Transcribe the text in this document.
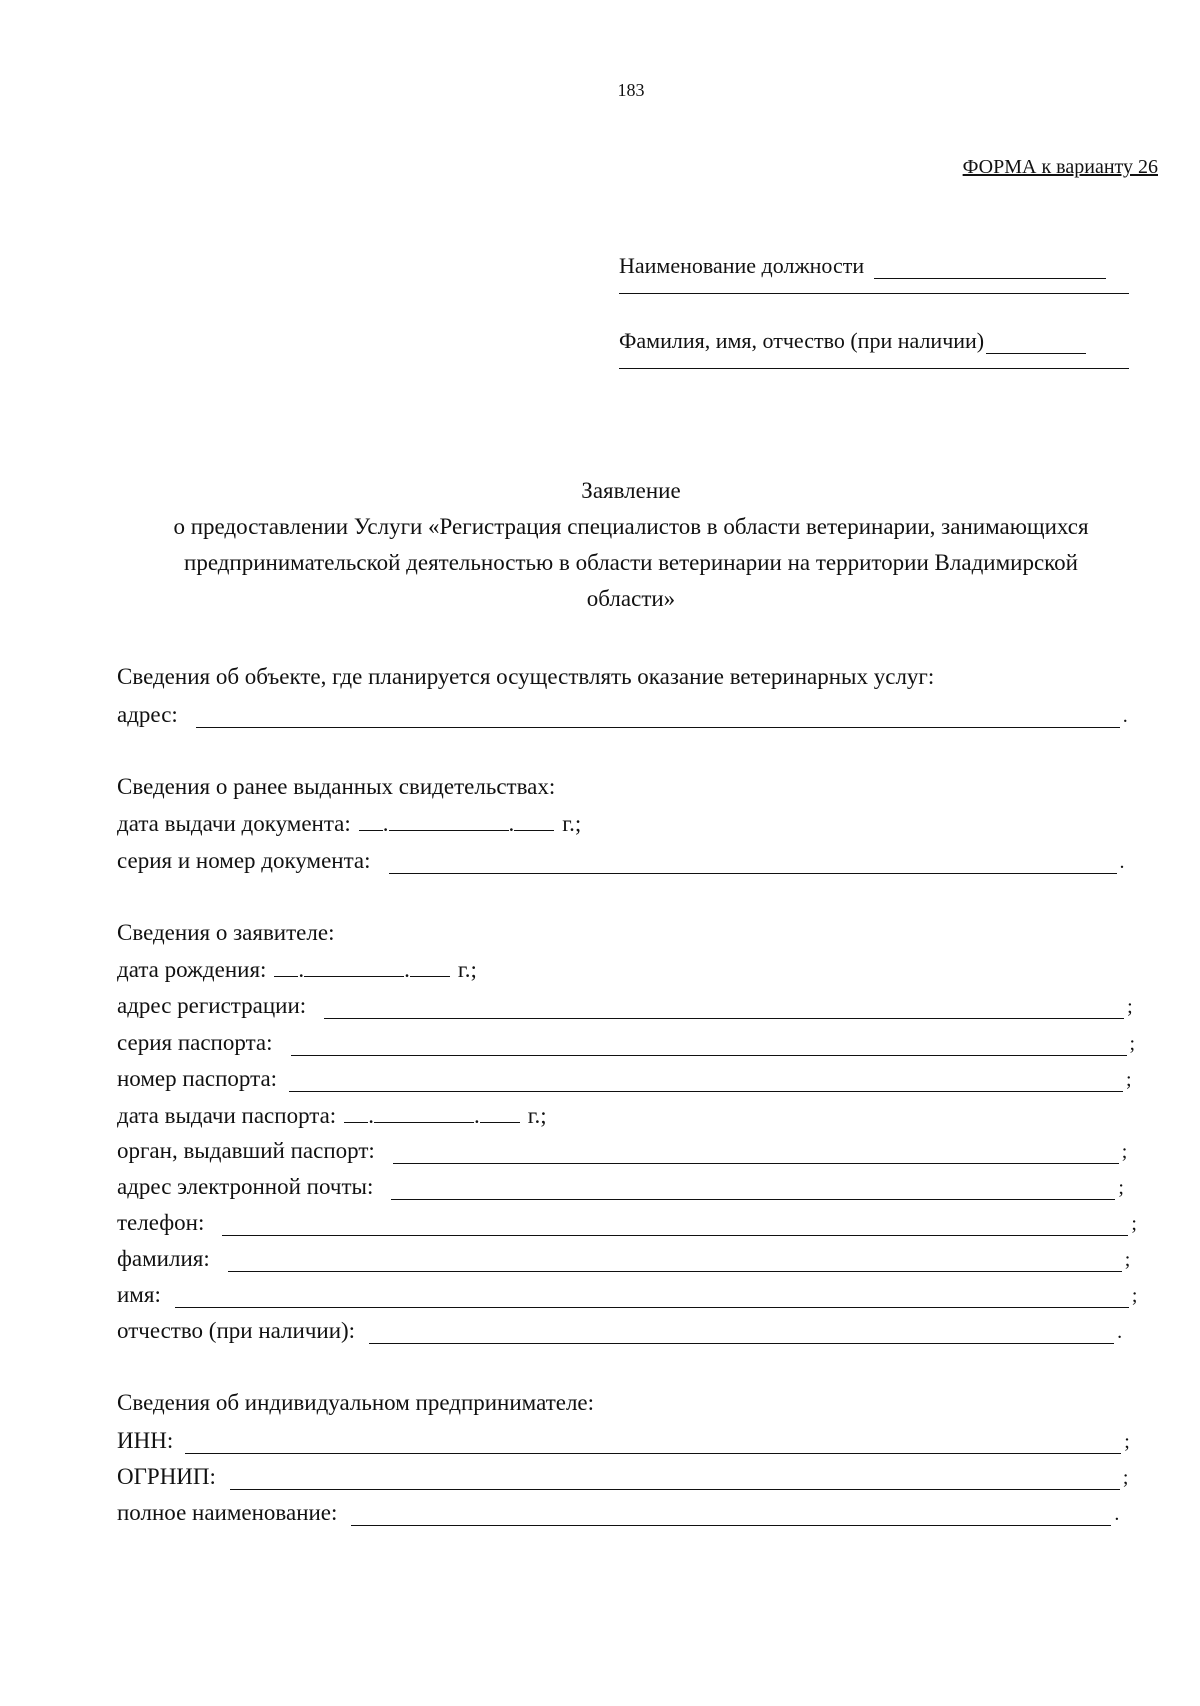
183
ФОРМА к варианту 26
Наименование должности
Фамилия, имя, отчество (при наличии)
Заявление
о предоставлении Услуги «Регистрация специалистов в области ветеринарии, занимающихся
предпринимательской деятельностью в области ветеринарии на территории Владимирской
области»
Сведения об объекте, где планируется осуществлять оказание ветеринарных услуг:
адрес:	.
Сведения о ранее выданных свидетельствах:
дата выдачи документа:	.	.	г.;
серия и номер документа:	.
Сведения о заявителе:
дата рождения:	.	.	г.;
адрес регистрации:	;
серия паспорта:	;
номер паспорта:	;
дата выдачи паспорта:	.	.	г.;
орган, выдавший паспорт:	;
адрес электронной почты:	;
телефон:	;
фамилия:	;
имя:	;
отчество (при наличии):	.
Сведения об индивидуальном предпринимателе:
ИНН:	;
ОГРНИП:	;
полное наименование:	.
